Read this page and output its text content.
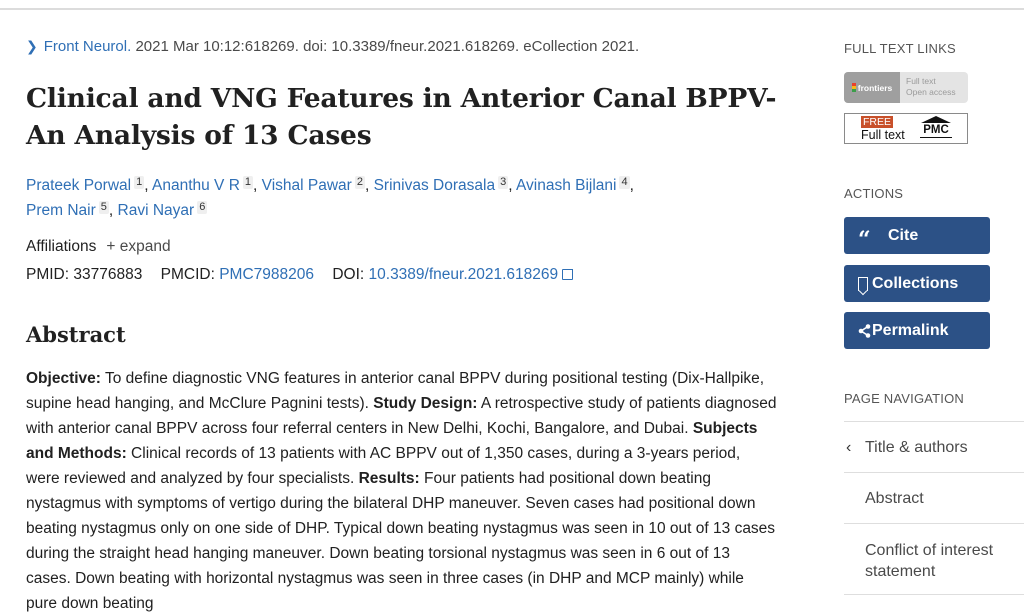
❯ Front Neurol. 2021 Mar 10:12:618269. doi: 10.3389/fneur.2021.618269. eCollection 2021.
Clinical and VNG Features in Anterior Canal BPPV-An Analysis of 13 Cases
Prateek Porwal 1 , Ananthu V R 1 , Vishal Pawar 2 , Srinivas Dorasala 3 , Avinash Bijlani 4 ,
Prem Nair 5 , Ravi Nayar 6
Affiliations + expand
PMID: 33776883 PMCID: PMC7988206 DOI: 10.3389/fneur.2021.618269
Abstract

Objective: To define diagnostic VNG features in anterior canal BPPV during positional testing (Dix-Hallpike, supine head hanging, and McClure Pagnini tests). Study Design: A retrospective study of patients diagnosed with anterior canal BPPV across four referral centers in New Delhi, Kochi, Bangalore, and Dubai. Subjects and Methods: Clinical records of 13 patients with AC BPPV out of 1,350 cases, during a 3-years period, were reviewed and analyzed by four specialists. Results: Four patients had positional down beating nystagmus with symptoms of vertigo during the bilateral DHP maneuver. Seven cases had positional down beating nystagmus only on one side of DHP. Typical down beating nystagmus was seen in 10 out of 13 cases during the straight head hanging maneuver. Down beating torsional nystagmus was seen in 6 out of 13 cases. Down beating with horizontal nystagmus was seen in three cases (in DHP and MCP mainly) while pure down beating

FULL TEXT LINKS
frontiers
Full text
Open access
FREE
Full text PMC
ACTIONS
“ Cite
Collections
Permalink
PAGE NAVIGATION
‹ Title & authors
Abstract
Conflict of interest statement
